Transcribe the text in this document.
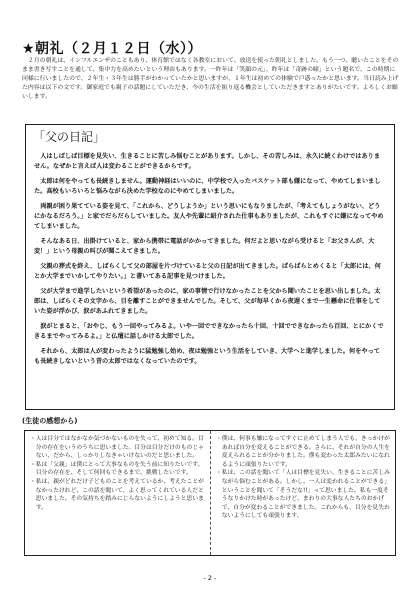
★朝礼（２月１２日（水））
２月の朝礼は、インフルエンザのこともあり、体育館ではなく各教室において、放送を使った朝礼としました。もう一つ、聴いたことをそのまま書き写すことを通して、集中力を高めたいという理由もあります。一昨年は「笑顔の元」、昨年は「奇跡の瞳」という題名で、この時期に同様に行いましたので、２年生・３年生は勝手がわかっていたかと思いますが、１年生は初めての体験で戸惑ったかと思います。当日読み上げた内容は以下の文です。御家庭でも親子の話題にしていただき、今の生活を振り返る機会としていただきますとありがたいです。よろしくお願いします。
「父の日記」

人はしばしば目標を見失い、生きることに苦しみ悩むことがあります。しかし、その苦しみは、永久に続くわけではありません。なぜかと言えば人は変わることができるからです。

太郎は何をやっても長続きしません。運動神経はいいのに、中学校で入ったバスケット部も嫌になって、やめてしまいました。高校もいろいろと悩みながら決めた学校なのにやめてしまいました。

両親が困り果てている姿を見て、「これから、どうしようか」という思いにもなりましたが、「考えてもしょうがない、どうにかなるだろう。」と家でだらだらしていました。友人や先輩に紹介された仕事もありましたが、これもすぐに嫌になってやめてしまいました。

そんなある日、出掛けていると、家から携帯に電話がかかってきました。何だよと思いながら受けると「お父さんが、大変！」という母親の叫びが聞こえてきました。

父親の葬式を終え、しばらくして父の部屋を片づけていると父の日記が出てきました。ぱらぱらとめくると「太郎には、何とか大学までいかしてやりたい。」と書いてある記事を見つけました。

父が大学まで進学したいという希望があったのに、家の事情で行けなかったことを父から聞いたことを思い出しました。太郎は、しばらくその文字から、目を離すことができませんでした。そして、父が毎早くから夜遅くまで一生懸命に仕事をしていた姿が浮かび、涙があふれてきました。

涙がとまると、「おやじ、もう一回やってみるよ。いや一回でできなかったら十回、十回でできなかったら百回、とにかくできるまでやってみるよ。」と仏壇に話しかける太郎でした。

それから、太郎は人が変わったように猛勉強し始め、夜は勉強という生活をしていき、大学へと進学しました。何をやっても長続きしないという昔の太郎ではなくなっていたのです。

(生徒の感想から)

・人は目分ではなかなか気づかないものを失って、初めて知る。目分の存在をいうのうちに思いました。目分は目分だけのものじゃない、だから、しっかりしなきゃいけないのだと思いました。

・私は「父親」は僕にとって大事なものを失う前に知りたいです。目分の存在を、そして何回もできるまで、挑戦したいです。

・私は、親がどれだけ子どものことを考えているか、考えたことがなかったけれど、この話を聞いて、よく思ってくれている人だと思いました。その気持ちを踏みにじらないようにしようと思います。

・僕は、何事も嫌になってすぐに止めてしまう人でも、きっかけがあれば自分を変えることができる。さらに、それが自分の人生を変えられることが分かりました。僕も変わった太郎みたいになれるように頑張りたいです。

・私は、この話を聞いて「人は目標を見失い、生きることに苦しみながら悩むことがある。しかし、一人は変われることができる」ということを聞いて「そうだな!!」って思いました。私も一度そうなりかけた時があったけど、まわりの大事な人たちのおかげで、自分が変わることができました。これからも、目分を見失わないようにしても頑張ります。

- 2 -
